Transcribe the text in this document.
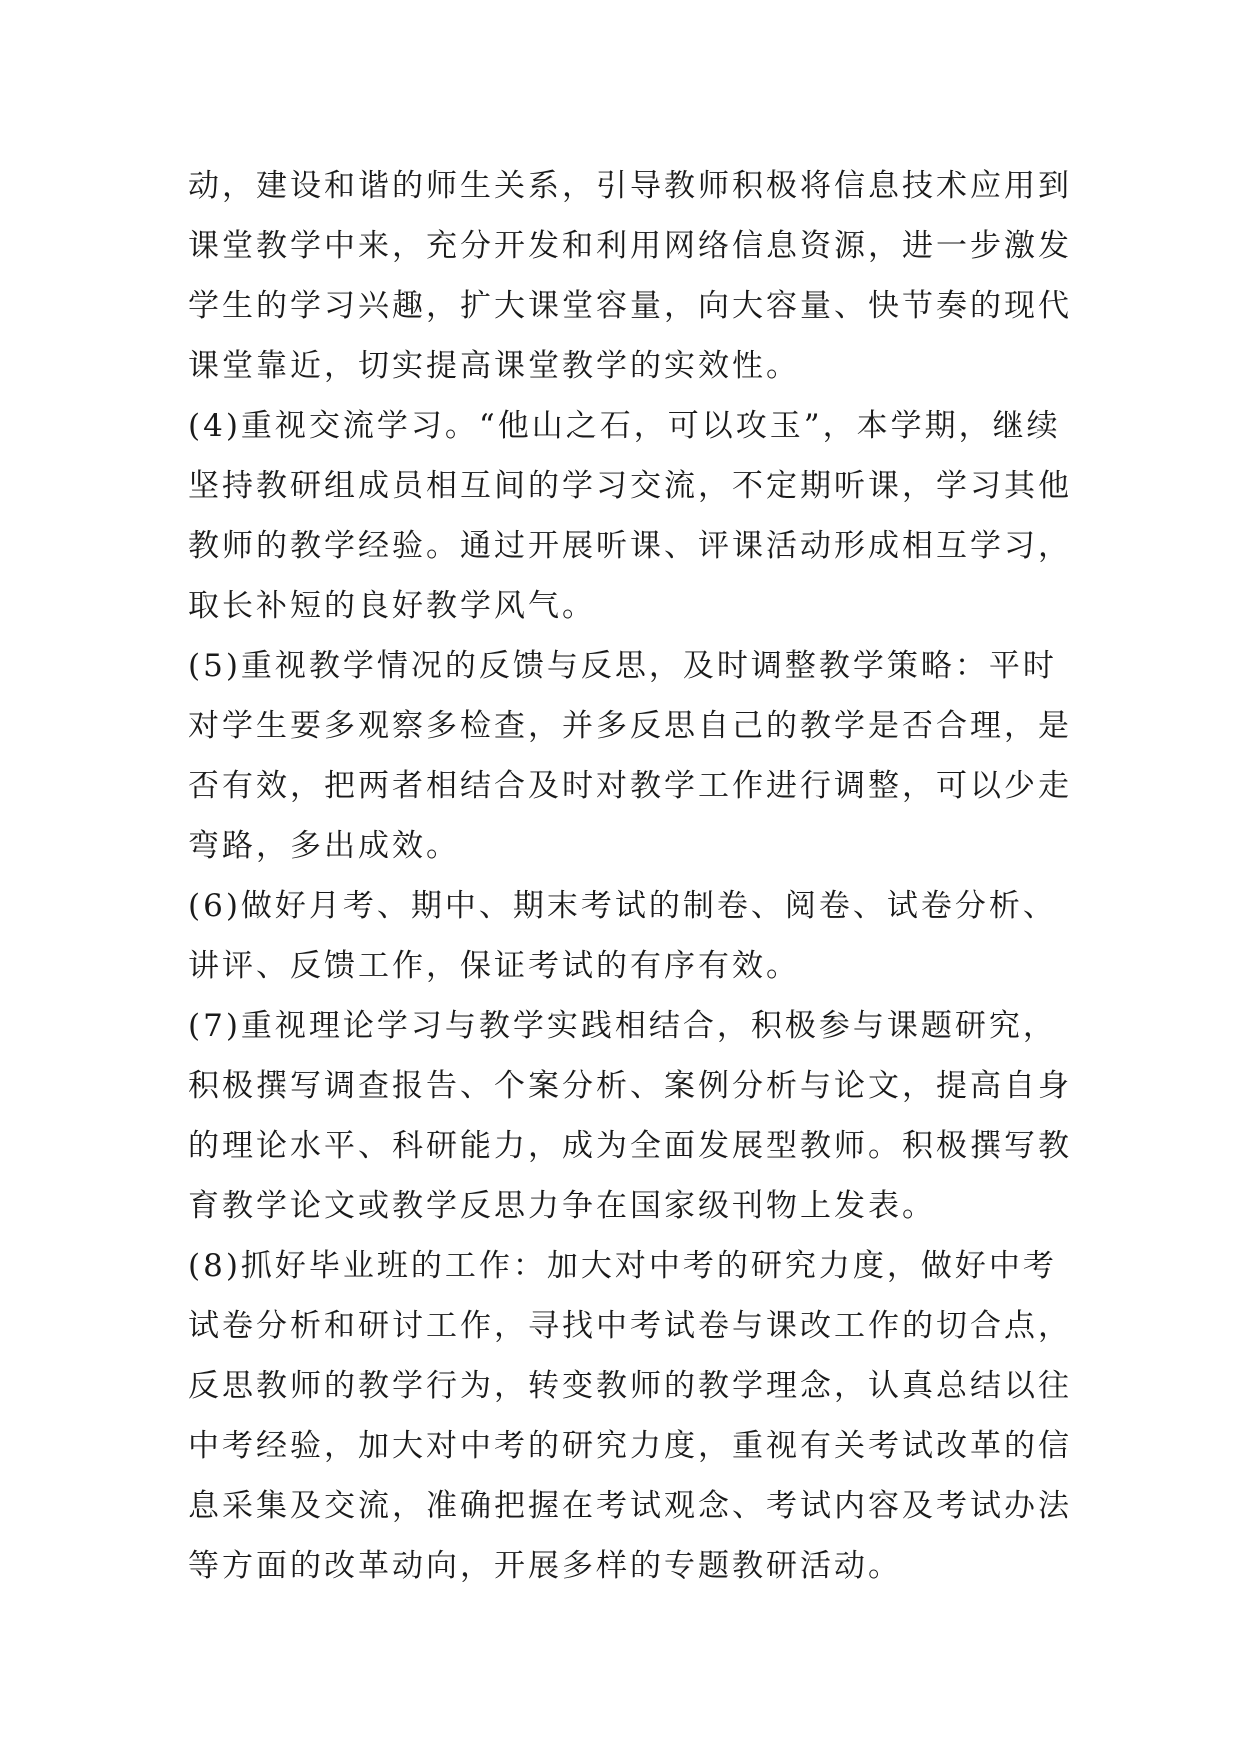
动，建设和谐的师生关系，引导教师积极将信息技术应用到
课堂教学中来，充分开发和利用网络信息资源，进一步激发
学生的学习兴趣，扩大课堂容量，向大容量、快节奏的现代
课堂靠近，切实提高课堂教学的实效性。
(4)重视交流学习。“他山之石，可以攻玉”，本学期，继续
坚持教研组成员相互间的学习交流，不定期听课，学习其他
教师的教学经验。通过开展听课、评课活动形成相互学习，
取长补短的良好教学风气。
(5)重视教学情况的反馈与反思，及时调整教学策略：平时
对学生要多观察多检查，并多反思自己的教学是否合理，是
否有效，把两者相结合及时对教学工作进行调整，可以少走
弯路，多出成效。
(6)做好月考、期中、期末考试的制卷、阅卷、试卷分析、
讲评、反馈工作，保证考试的有序有效。
(7)重视理论学习与教学实践相结合，积极参与课题研究，
积极撰写调查报告、个案分析、案例分析与论文，提高自身
的理论水平、科研能力，成为全面发展型教师。积极撰写教
育教学论文或教学反思力争在国家级刊物上发表。
(8)抓好毕业班的工作：加大对中考的研究力度，做好中考
试卷分析和研讨工作，寻找中考试卷与课改工作的切合点，
反思教师的教学行为，转变教师的教学理念，认真总结以往
中考经验，加大对中考的研究力度，重视有关考试改革的信
息采集及交流，准确把握在考试观念、考试内容及考试办法
等方面的改革动向，开展多样的专题教研活动。
